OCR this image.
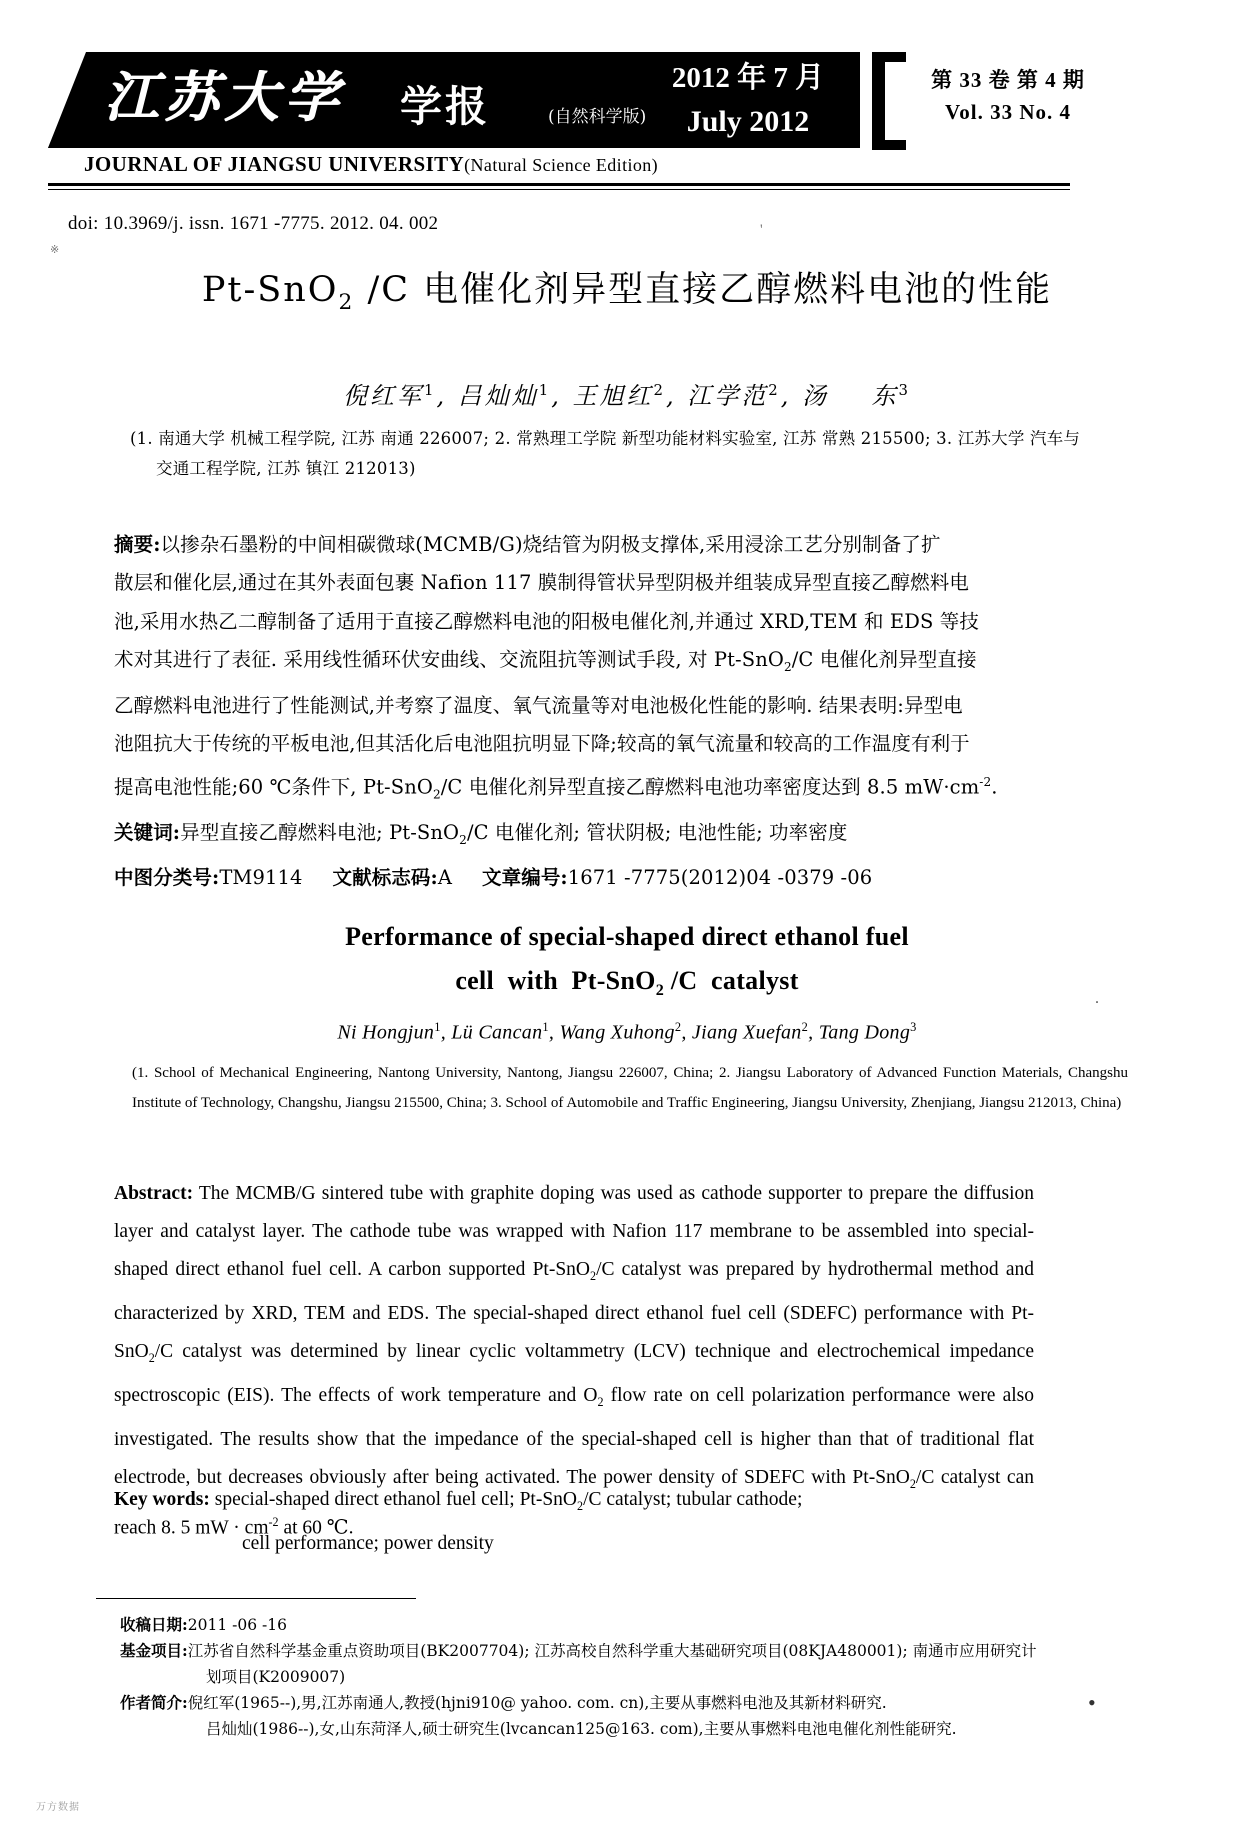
江苏大学 学报	(自然科学版)
2012 年 7 月
July 2012
第 33 卷 第 4 期
Vol. 33 No. 4
JOURNAL OF JIANGSU UNIVERSITY(Natural Science Edition)
doi: 10.3969/j. issn. 1671 -7775. 2012. 04. 002	'
※
Pt-SnO$_2$ /C 电催化剂异型直接乙醇燃料电池的性能
倪红军$^1$, 吕灿灿$^1$, 王旭红$^2$, 江学范$^2$, 汤    东$^3$
(1. 南通大学 机械工程学院, 江苏 南通 226007; 2. 常熟理工学院 新型功能材料实验室, 江苏 常熟 215500; 3. 江苏大学 汽车与
交通工程学院, 江苏 镇江 212013)
摘要:以掺杂石墨粉的中间相碳微球(MCMB/G)烧结管为阴极支撑体,采用浸涂工艺分别制备了扩
散层和催化层,通过在其外表面包裹 Nafion 117 膜制得管状异型阴极并组装成异型直接乙醇燃料电
池,采用水热乙二醇制备了适用于直接乙醇燃料电池的阳极电催化剂,并通过 XRD,TEM 和 EDS 等技
术对其进行了表征. 采用线性循环伏安曲线、交流阻抗等测试手段, 对 Pt-SnO$_2$/C 电催化剂异型直接
乙醇燃料电池进行了性能测试,并考察了温度、氧气流量等对电池极化性能的影响. 结果表明:异型电
池阻抗大于传统的平板电池,但其活化后电池阻抗明显下降;较高的氧气流量和较高的工作温度有利于
提高电池性能;60 ℃条件下, Pt-SnO$_2$/C 电催化剂异型直接乙醇燃料电池功率密度达到 8.5 $mW\cdot cm^{-2}$.
关键词:异型直接乙醇燃料电池; Pt-SnO$_2$/C 电催化剂; 管状阴极; 电池性能; 功率密度
中图分类号:TM9114 文献标志码:A 文章编号:1671 -7775(2012)04 -0379 -06
Performance of special-shaped direct ethanol fuel
cell  with  Pt-SnO$_2$ /C  catalyst
Ni Hongjun$^1$, Lü Cancan$^1$, Wang Xuhong$^2$, Jiang Xuefan$^2$, Tang Dong$^3$
(1. School of Mechanical Engineering, Nantong University, Nantong, Jiangsu 226007, China; 2. Jiangsu Laboratory of Advanced Function Materials, Changshu Institute of Technology, Changshu, Jiangsu 215500, China; 3. School of Automobile and Traffic Engineering, Jiangsu University, Zhenjiang, Jiangsu 212013, China)
Abstract: The MCMB/G sintered tube with graphite doping was used as cathode supporter to prepare the diffusion layer and catalyst layer. The cathode tube was wrapped with Nafion 117 membrane to be assembled into special-shaped direct ethanol fuel cell. A carbon supported Pt-SnO$_2$/C catalyst was prepared by hydrothermal method and characterized by XRD, TEM and EDS. The special-shaped direct ethanol fuel cell (SDEFC) performance with Pt-SnO$_2$/C catalyst was determined by linear cyclic voltammetry (LCV) technique and electrochemical impedance spectroscopic (EIS). The effects of work temperature and $O_2$ flow rate on cell polarization performance were also investigated. The results show that the impedance of the special-shaped cell is higher than that of traditional flat electrode, but decreases obviously after being activated. The power density of SDEFC with Pt-SnO$_2$/C catalyst can reach 8. 5 mW · $cm^{-2}$ at 60 ℃.
Key words: special-shaped direct ethanol fuel cell; Pt-SnO$_2$/C catalyst; tubular cathode;
cell performance; power density
收稿日期:2011 -06 -16
基金项目:江苏省自然科学基金重点资助项目(BK2007704); 江苏高校自然科学重大基础研究项目(08KJA480001); 南通市应用研究计
划项目(K2009007)
作者简介:倪红军(1965--),男,江苏南通人,教授(hjni910@ yahoo. com. cn),主要从事燃料电池及其新材料研究.
吕灿灿(1986--),女,山东菏泽人,硕士研究生(lvcancan125@163. com),主要从事燃料电池电催化剂性能研究.
.
•
万方数据
